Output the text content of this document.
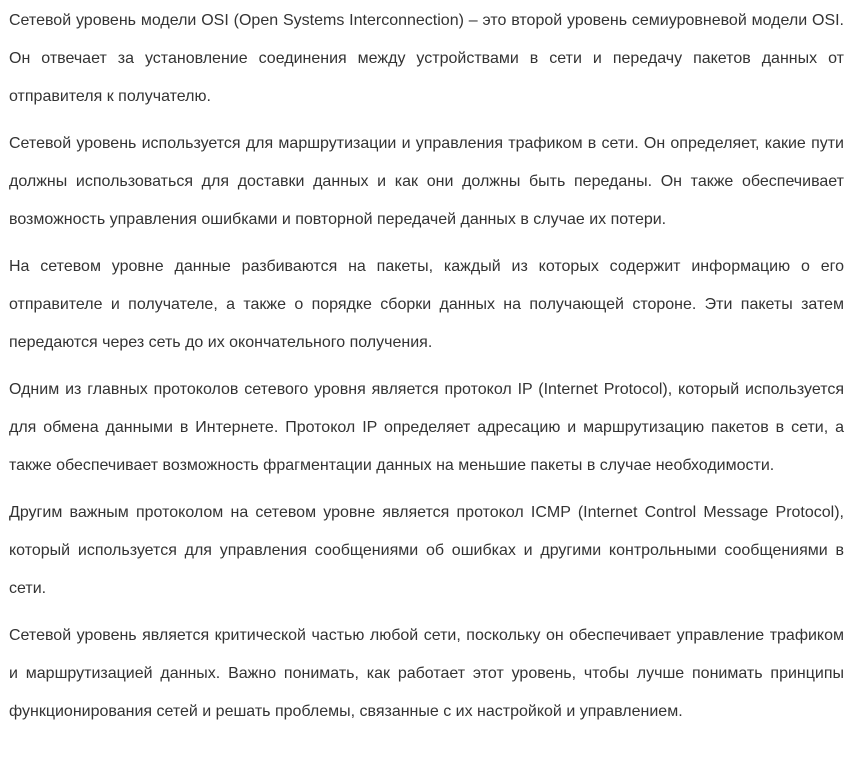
Сетевой уровень модели OSI (Open Systems Interconnection) – это второй уровень семиуровневой модели OSI. Он отвечает за установление соединения между устройствами в сети и передачу пакетов данных от отправителя к получателю.

Сетевой уровень используется для маршрутизации и управления трафиком в сети. Он определяет, какие пути должны использоваться для доставки данных и как они должны быть переданы. Он также обеспечивает возможность управления ошибками и повторной передачей данных в случае их потери.

На сетевом уровне данные разбиваются на пакеты, каждый из которых содержит информацию о его отправителе и получателе, а также о порядке сборки данных на получающей стороне. Эти пакеты затем передаются через сеть до их окончательного получения.

Одним из главных протоколов сетевого уровня является протокол IP (Internet Protocol), который используется для обмена данными в Интернете. Протокол IP определяет адресацию и маршрутизацию пакетов в сети, а также обеспечивает возможность фрагментации данных на меньшие пакеты в случае необходимости.

Другим важным протоколом на сетевом уровне является протокол ICMP (Internet Control Message Protocol), который используется для управления сообщениями об ошибках и другими контрольными сообщениями в сети.

Сетевой уровень является критической частью любой сети, поскольку он обеспечивает управление трафиком и маршрутизацией данных. Важно понимать, как работает этот уровень, чтобы лучше понимать принципы функционирования сетей и решать проблемы, связанные с их настройкой и управлением.
